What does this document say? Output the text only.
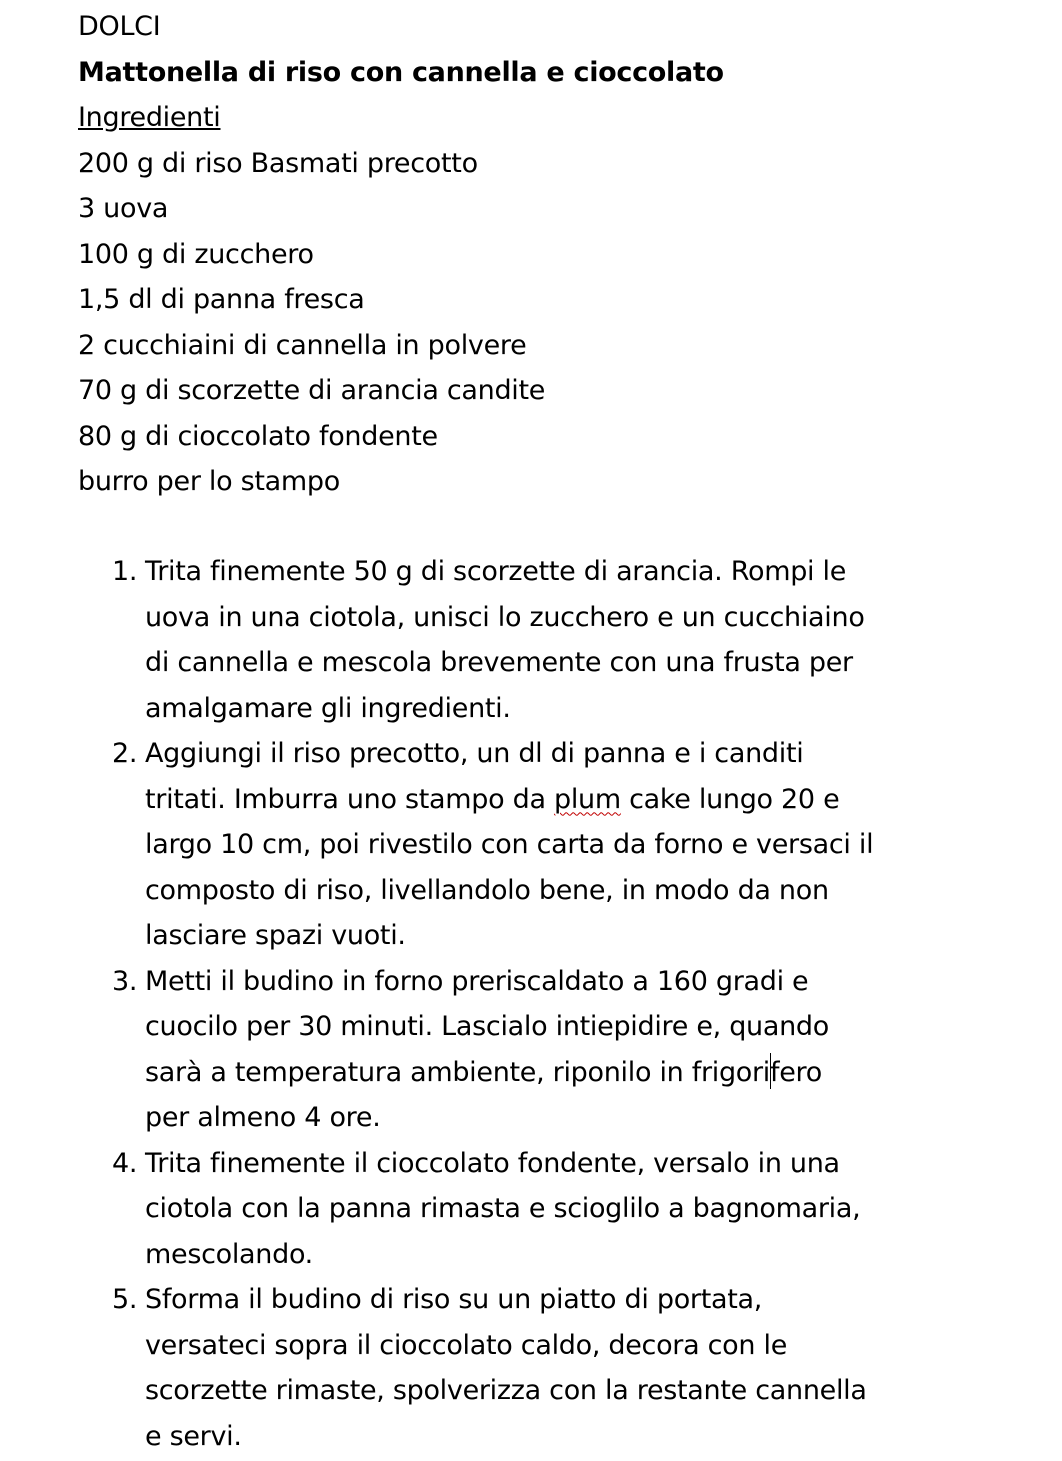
DOLCI
Mattonella di riso con cannella e cioccolato
Ingredienti
200 g di riso Basmati precotto
3 uova
100 g di zucchero
1,5 dl di panna fresca
2 cucchiaini di cannella in polvere
70 g di scorzette di arancia candite
80 g di cioccolato fondente
burro per lo stampo
1. Trita finemente 50 g di scorzette di arancia. Rompi le
uova in una ciotola, unisci lo zucchero e un cucchiaino
di cannella e mescola brevemente con una frusta per
amalgamare gli ingredienti.
2. Aggiungi il riso precotto, un dl di panna e i canditi
tritati. Imburra uno stampo da plum cake lungo 20 e
largo 10 cm, poi rivestilo con carta da forno e versaci il
composto di riso, livellandolo bene, in modo da non
lasciare spazi vuoti.
3. Metti il budino in forno preriscaldato a 160 gradi e
cuocilo per 30 minuti. Lascialo intiepidire e, quando
sarà a temperatura ambiente, riponilo in frigorifero
per almeno 4 ore.
4. Trita finemente il cioccolato fondente, versalo in una
ciotola con la panna rimasta e scioglilo a bagnomaria,
mescolando.
5. Sforma il budino di riso su un piatto di portata,
versateci sopra il cioccolato caldo, decora con le
scorzette rimaste, spolverizza con la restante cannella
e servi.
